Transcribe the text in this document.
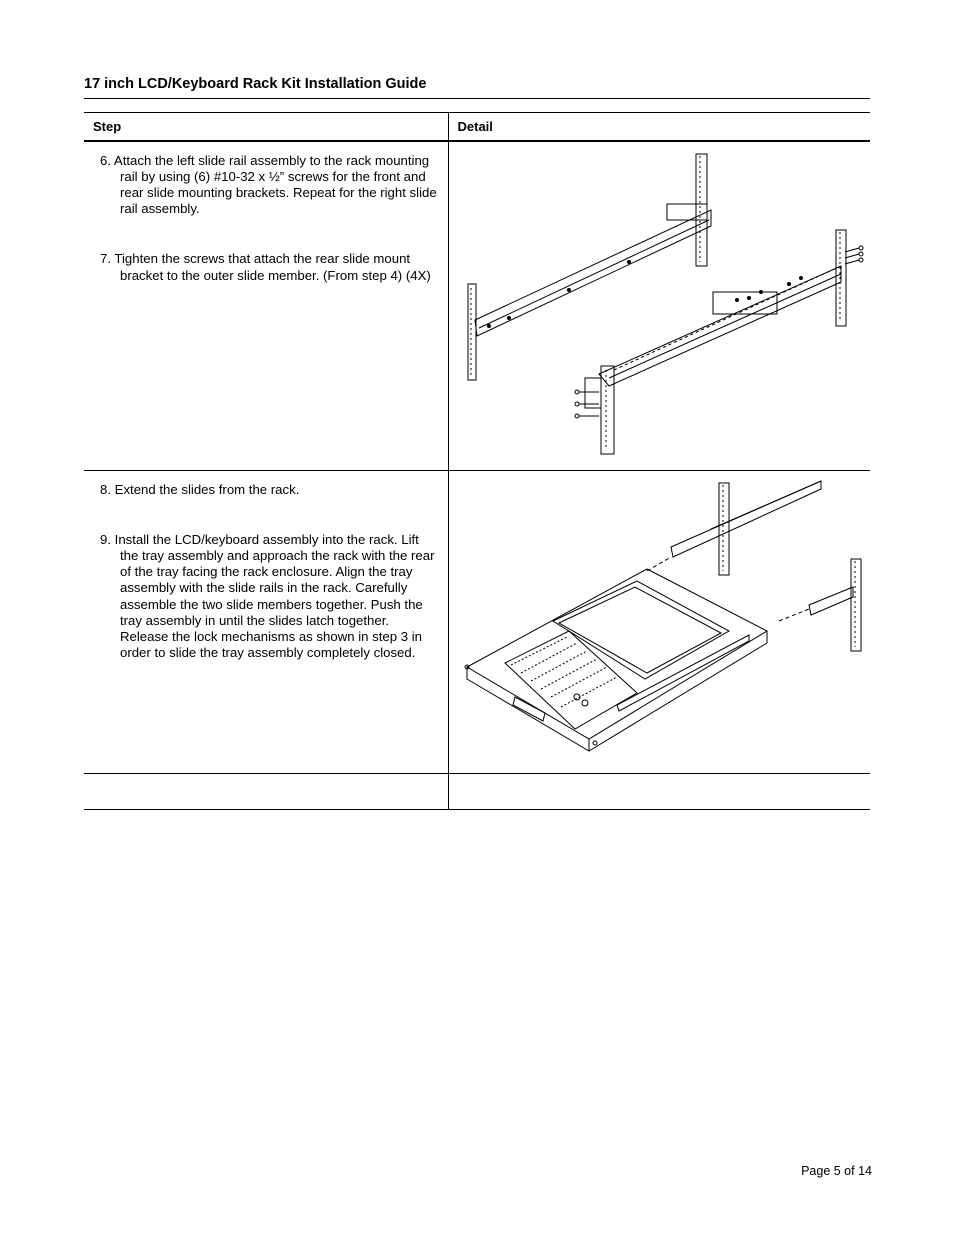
17 inch LCD/Keyboard Rack Kit Installation Guide
Step	Detail

6. Attach the left slide rail assembly to the rack mounting rail by using (6) #10-32 x ½” screws for the front and rear slide mounting brackets. Repeat for the right slide rail assembly.

7. Tighten the screws that attach the rear slide mount bracket to the outer slide member. (From step 4) (4X)

8. Extend the slides from the rack.

9. Install the LCD/keyboard assembly into the rack. Lift the tray assembly and approach the rack with the rear of the tray facing the rack enclosure. Align the tray assembly with the slide rails in the rack. Carefully assemble the two slide members together. Push the tray assembly in until the slides latch together. Release the lock mechanisms as shown in step 3 in order to slide the tray assembly completely closed.

Page 5 of 14
